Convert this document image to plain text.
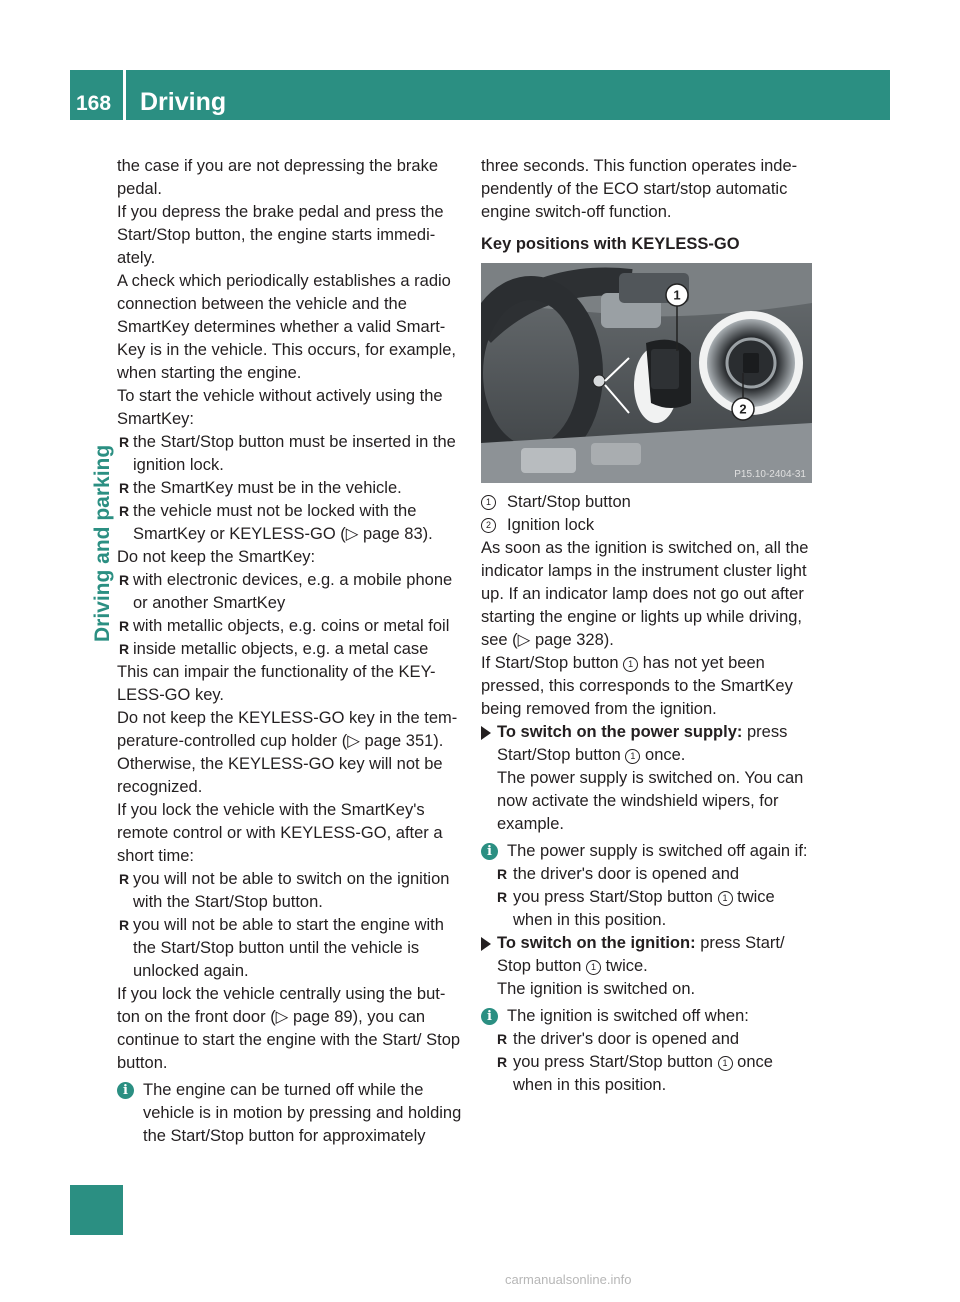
168 Driving
Driving and parking

the case if you are not depressing the brake pedal.

If you depress the brake pedal and press the Start/Stop button, the engine starts immedi-ately.

A check which periodically establishes a radio connection between the vehicle and the SmartKey determines whether a valid Smart-Key is in the vehicle. This occurs, for example, when starting the engine.

To start the vehicle without actively using the SmartKey:

R the Start/Stop button must be inserted in the ignition lock.

R the SmartKey must be in the vehicle.

R the vehicle must not be locked with the SmartKey or KEYLESS-GO (▷ page 83).

Do not keep the SmartKey:

R with electronic devices, e.g. a mobile phone or another SmartKey

R with metallic objects, e.g. coins or metal foil

R inside metallic objects, e.g. a metal case

This can impair the functionality of the KEY-LESS-GO key.

Do not keep the KEYLESS-GO key in the tem-perature-controlled cup holder (▷ page 351). Otherwise, the KEYLESS-GO key will not be recognized.

If you lock the vehicle with the SmartKey's remote control or with KEYLESS-GO, after a short time:

R you will not be able to switch on the ignition with the Start/Stop button.

R you will not be able to start the engine with the Start/Stop button until the vehicle is unlocked again.

If you lock the vehicle centrally using the but-ton on the front door (▷ page 89), you can continue to start the engine with the Start/ Stop button.

i The engine can be turned off while the vehicle is in motion by pressing and holding the Start/Stop button for approximately

three seconds. This function operates inde-pendently of the ECO start/stop automatic engine switch-off function.

Key positions with KEYLESS-GO

1
2
P15.10-2404-31
1 Start/Stop button
2 Ignition lock

As soon as the ignition is switched on, all the indicator lamps in the instrument cluster light up. If an indicator lamp does not go out after starting the engine or lights up while driving, see (▷ page 328).

If Start/Stop button 1 has not yet been pressed, this corresponds to the SmartKey being removed from the ignition.

To switch on the power supply: press Start/Stop button 1 once.
The power supply is switched on. You can now activate the windshield wipers, for example.
i The power supply is switched off again if:

R the driver's door is opened and

R you press Start/Stop button 1 twice when in this position.

To switch on the ignition: press Start/ Stop button 1 twice.
The ignition is switched on.
i The ignition is switched off when:

R the driver's door is opened and

R you press Start/Stop button 1 once when in this position.

carmanualsonline.info
